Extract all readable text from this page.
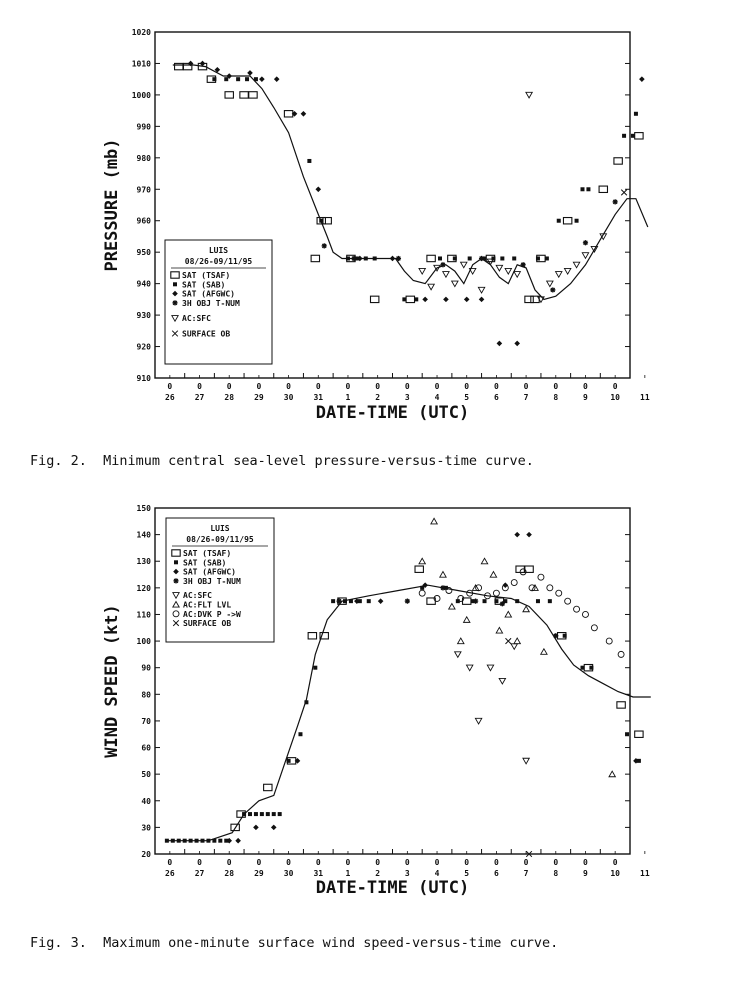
910
920
930
940
950
960
970
980
990
1000
1010
1020
0
26
0
27
0
28
0
29
0
30
0
31
0
1
0
2
0
3
0
4
0
5
0
6
0
7
0
8
0
9
0
10	11
DATE-TIME (UTC)
PRESSURE (mb)	LUIS
08/26-09/11/95
SAT (TSAF)
SAT (SAB)
SAT (AFGWC)
3H OBJ T-NUM
AC:SFC
SURFACE OB
Fig. 2.  Minimum central sea-level pressure-versus-time curve.
20
30
40
50
60
70
80
90
100
110
120
130
140
150
0
26
0
27
0
28
0
29
0
30
0
31
0
1
0
2
0
3
0
4
0
5
0
6
0
7
0
8
0
9
0
10	11
DATE-TIME (UTC)
WIND SPEED (kt)
LUIS
08/26-09/11/95
SAT (TSAF)
SAT (SAB)
SAT (AFGWC)
3H OBJ T-NUM
AC:SFC
AC:FLT LVL
AC:DVK P ->W
SURFACE OB
Fig. 3.  Maximum one-minute surface wind speed-versus-time curve.
